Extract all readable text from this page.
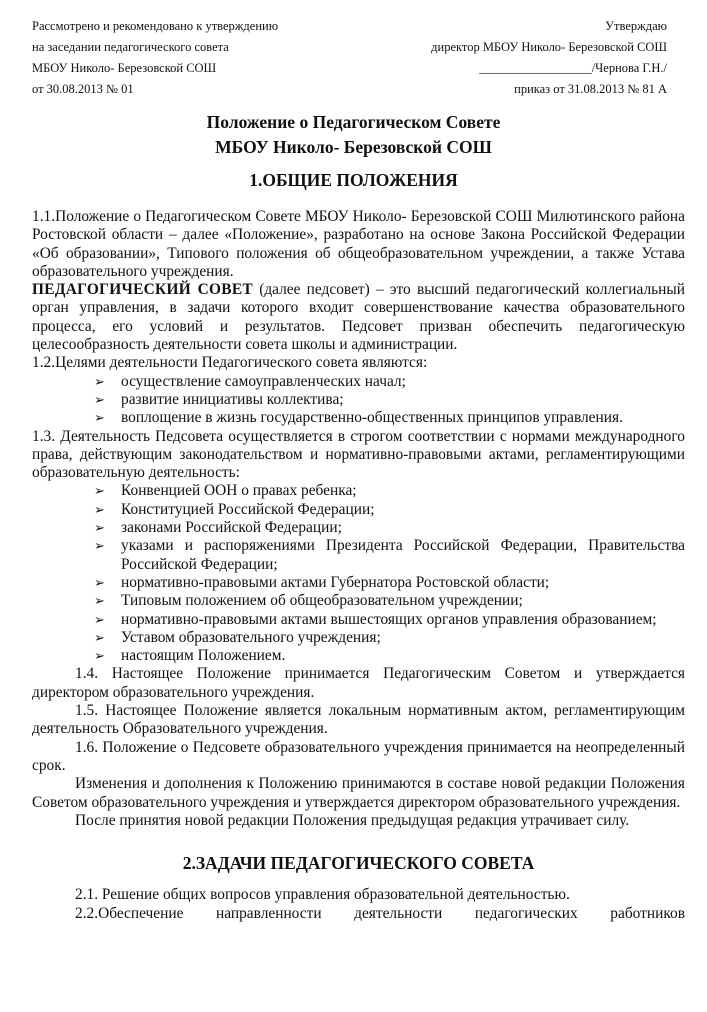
Рассмотрено и рекомендовано к утверждению
на заседании педагогического совета
МБОУ Николо- Березовской СОШ
от 30.08.2013 № 01
Утверждаю
директор МБОУ Николо- Березовской СОШ
__________________/Чернова Г.Н./
приказ от 31.08.2013 № 81 А
Положение о Педагогическом Совете
МБОУ Николо- Березовской СОШ
1.ОБЩИЕ ПОЛОЖЕНИЯ

1.1.Положение о Педагогическом Совете МБОУ Николо- Березовской СОШ Милютинского района Ростовской области – далее «Положение», разработано на основе Закона Российской Федерации «Об образовании», Типового положения об общеобразовательном учреждении, а также Устава образовательного учреждения.

ПЕДАГОГИЧЕСКИЙ СОВЕТ (далее педсовет) – это высший педагогический коллегиальный орган управления, в задачи которого входит совершенствование качества образовательного процесса, его условий и результатов. Педсовет призван обеспечить педагогическую целесообразность деятельности совета школы и администрации.

1.2.Целями деятельности Педагогического совета являются:

➢ осуществление самоуправленческих начал;
➢ развитие инициативы коллектива;
➢ воплощение в жизнь государственно-общественных принципов управления.

1.3. Деятельность Педсовета осуществляется в строгом соответствии с нормами международного права, действующим законодательством и нормативно-правовыми актами, регламентирующими образовательную деятельность:

➢ Конвенцией ООН о правах ребенка;
➢ Конституцией Российской Федерации;
➢ законами Российской Федерации;
➢ указами и распоряжениями Президента Российской Федерации, Правительства Российской Федерации;
➢ нормативно-правовыми актами Губернатора Ростовской области;
➢ Типовым положением об общеобразовательном учреждении;
➢ нормативно-правовыми актами вышестоящих органов управления образованием;
➢ Уставом образовательного учреждения;
➢ настоящим Положением.

1.4. Настоящее Положение принимается Педагогическим Советом и утверждается директором образовательного учреждения.

1.5. Настоящее Положение является локальным нормативным актом, регламентирующим деятельность Образовательного учреждения.

1.6. Положение о Педсовете образовательного учреждения принимается на неопределенный срок.

Изменения и дополнения к Положению принимаются в составе новой редакции Положения Советом образовательного учреждения и утверждается директором образовательного учреждения.

После принятия новой редакции Положения предыдущая редакция утрачивает силу.

2.ЗАДАЧИ ПЕДАГОГИЧЕСКОГО СОВЕТА

2.1. Решение общих вопросов управления образовательной деятельностью.

2.2.Обеспечение направленности деятельности педагогических работников
